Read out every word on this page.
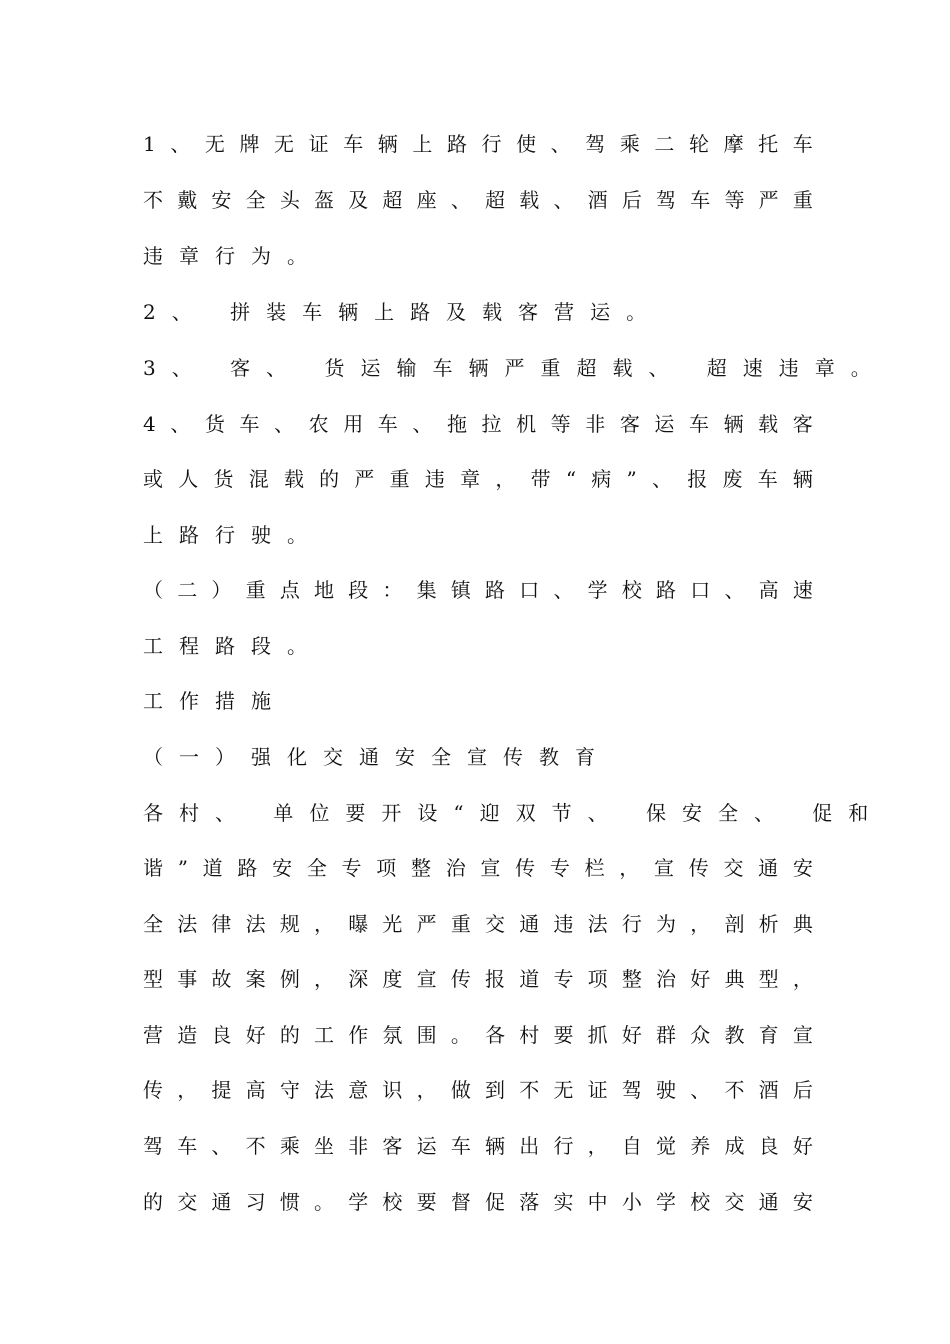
1 、 无 牌 无 证 车 辆 上 路 行 使 、 驾 乘 二 轮 摩 托 车
不 戴 安 全 头 盔 及 超 座 、 超 载 、 酒 后 驾 车 等 严 重
违章行为。
2、 拼装车辆上路及载客营运。
3、 客、 货运输车辆严重超载、 超速违章。
4 、 货 车 、 农 用 车 、 拖 拉 机 等 非 客 运 车 辆 载 客
或 人 货 混 载 的 严 重 违 章 ， 带 “ 病 ” 、 报 废 车 辆
上路行驶。
（ 二 ） 重 点 地 段 ： 集 镇 路 口 、 学 校 路 口 、 高 速
工程路段。
工作措施
（一）强化交通安全宣传教育
各村、 单位要开设“迎双节、 保安全、 促和
谐 ” 道 路 安 全 专 项 整 治 宣 传 专 栏 ， 宣 传 交 通 安
全 法 律 法 规 ， 曝 光 严 重 交 通 违 法 行 为 ， 剖 析 典
型 事 故 案 例 ， 深 度 宣 传 报 道 专 项 整 治 好 典 型 ，
营 造 良 好 的 工 作 氛 围 。 各 村 要 抓 好 群 众 教 育 宣
传 ， 提 高 守 法 意 识 ， 做 到 不 无 证 驾 驶 、 不 酒 后
驾 车 、 不 乘 坐 非 客 运 车 辆 出 行 ， 自 觉 养 成 良 好
的 交 通 习 惯 。 学 校 要 督 促 落 实 中 小 学 校 交 通 安
